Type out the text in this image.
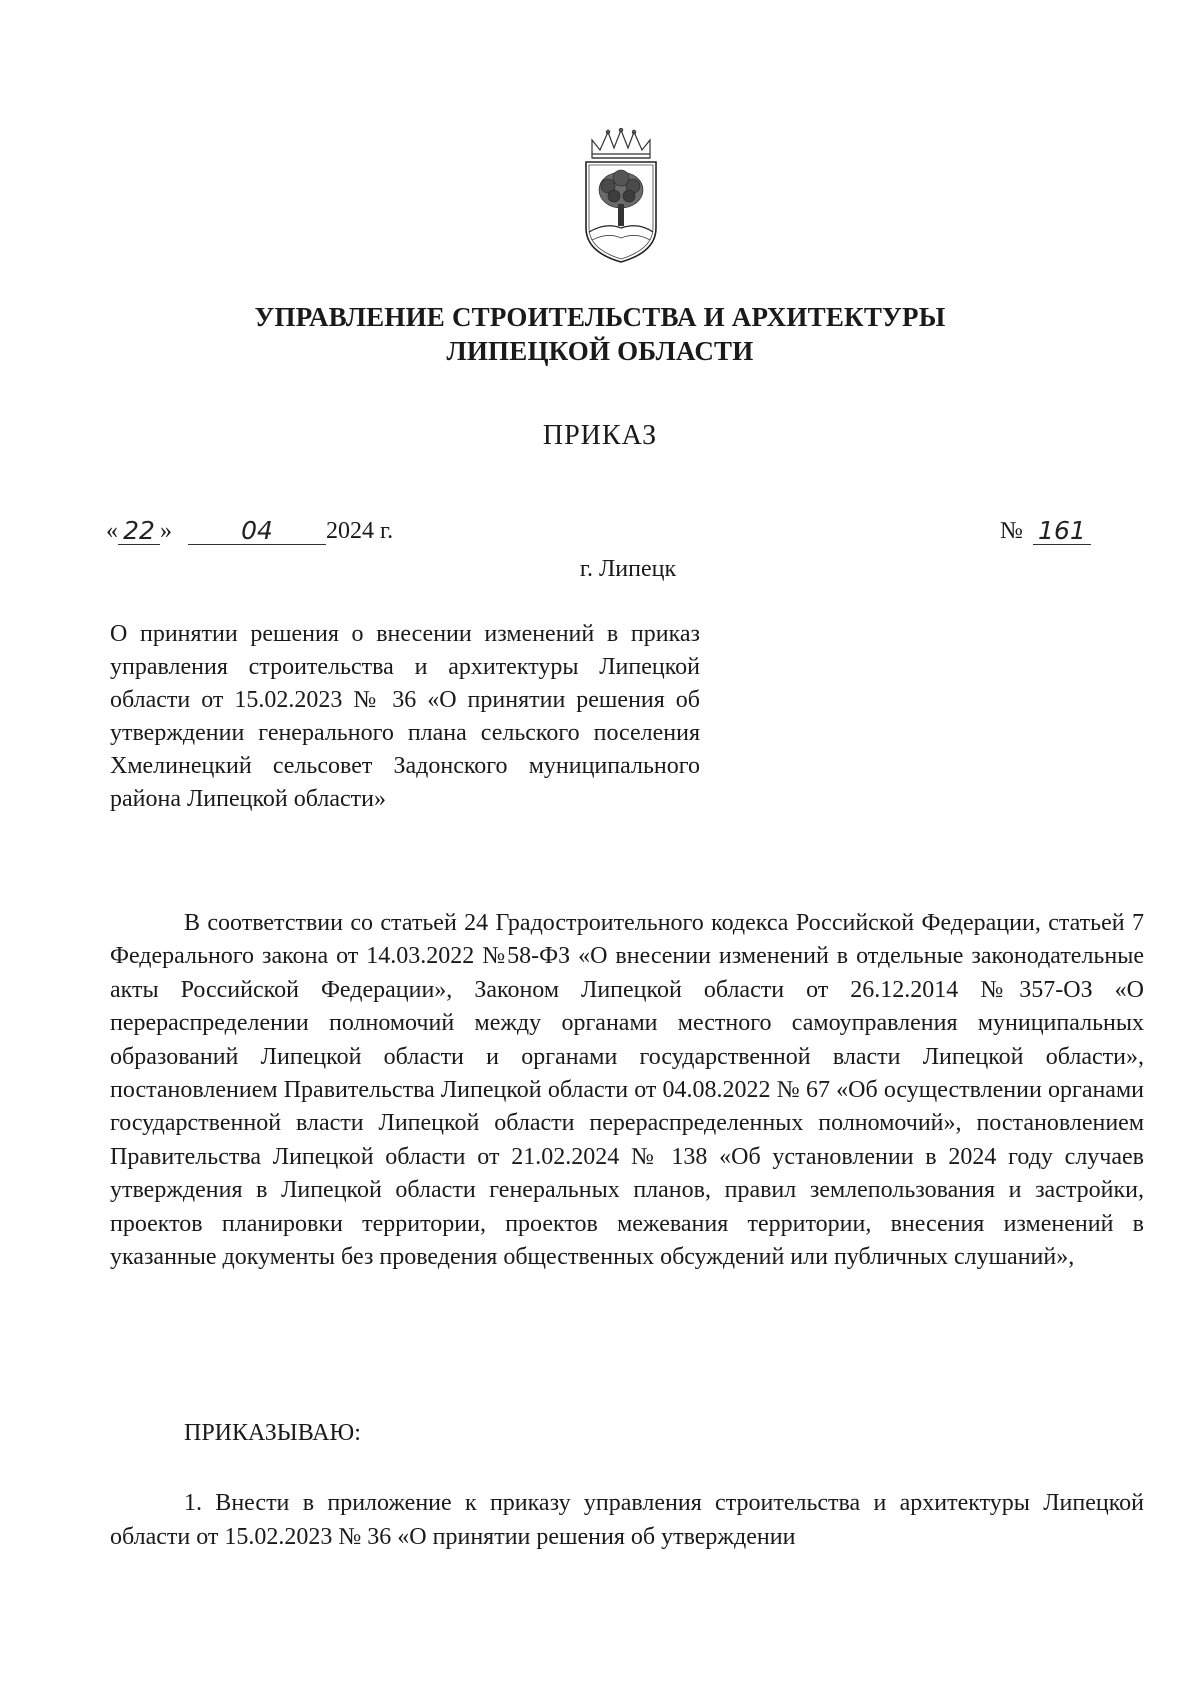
УПРАВЛЕНИЕ СТРОИТЕЛЬСТВА И АРХИТЕКТУРЫ
ЛИПЕЦКОЙ ОБЛАСТИ
ПРИКАЗ
« 22 »	04 2024 г.	№ 161
г. Липецк
О принятии решения о внесении изменений в приказ управления строительства и архитектуры Липецкой области от 15.02.2023 № 36 «О принятии решения об утверждении генерального плана сельского поселения Хмелинецкий сельсовет Задонского муниципального района Липецкой области»

В соответствии со статьей 24 Градостроительного кодекса Российской Федерации, статьей 7 Федерального закона от 14.03.2022 №58-ФЗ «О внесении изменений в отдельные законодательные акты Российской Федерации», Законом Липецкой области от 26.12.2014 №357-ОЗ «О перераспределении полномочий между органами местного самоуправления муниципальных образований Липецкой области и органами государственной власти Липецкой области», постановлением Правительства Липецкой области от 04.08.2022 № 67 «Об осуществлении органами государственной власти Липецкой области перераспределенных полномочий», постановлением Правительства Липецкой области от 21.02.2024 № 138 «Об установлении в 2024 году случаев утверждения в Липецкой области генеральных планов, правил землепользования и застройки, проектов планировки территории, проектов межевания территории, внесения изменений в указанные документы без проведения общественных обсуждений или публичных слушаний»,

ПРИКАЗЫВАЮ:
1. Внести в приложение к приказу управления строительства и архитектуры Липецкой области от 15.02.2023 № 36 «О принятии решения об утверждении
